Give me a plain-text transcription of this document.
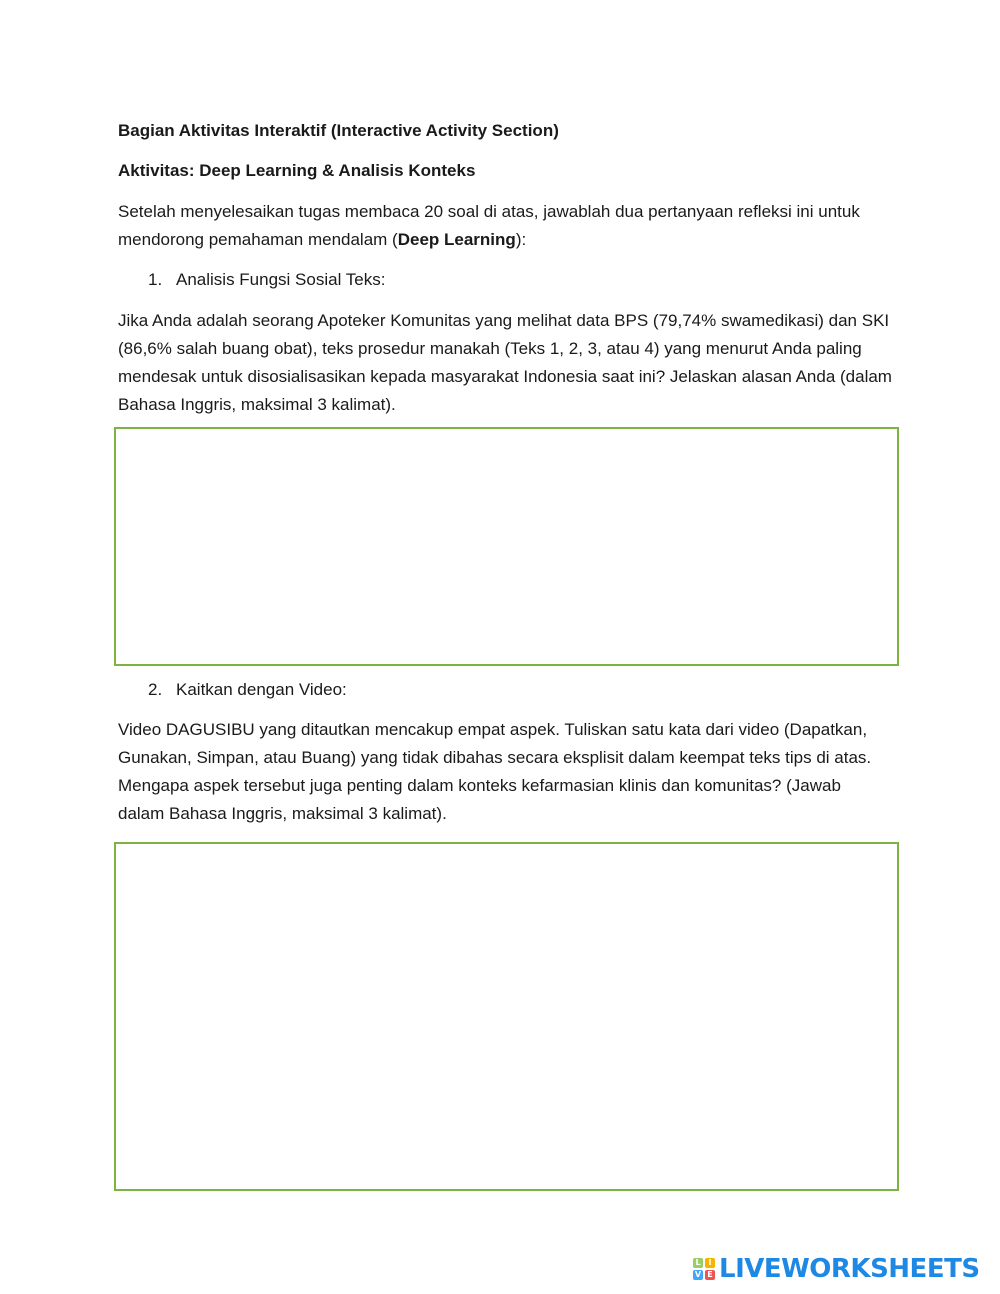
Bagian Aktivitas Interaktif (Interactive Activity Section)
Aktivitas: Deep Learning & Analisis Konteks
Setelah menyelesaikan tugas membaca 20 soal di atas, jawablah dua pertanyaan refleksi ini untuk mendorong pemahaman mendalam (Deep Learning):
1. Analisis Fungsi Sosial Teks:
Jika Anda adalah seorang Apoteker Komunitas yang melihat data BPS (79,74% swamedikasi) dan SKI (86,6% salah buang obat), teks prosedur manakah (Teks 1, 2, 3, atau 4) yang menurut Anda paling mendesak untuk disosialisasikan kepada masyarakat Indonesia saat ini? Jelaskan alasan Anda (dalam Bahasa Inggris, maksimal 3 kalimat).
2. Kaitkan dengan Video:
Video DAGUSIBU yang ditautkan mencakup empat aspek. Tuliskan satu kata dari video (Dapatkan, Gunakan, Simpan, atau Buang) yang tidak dibahas secara eksplisit dalam keempat teks tips di atas. Mengapa aspek tersebut juga penting dalam konteks kefarmasian klinis dan komunitas? (Jawab dalam Bahasa Inggris, maksimal 3 kalimat).
L I
V E LIVEWORKSHEETS
